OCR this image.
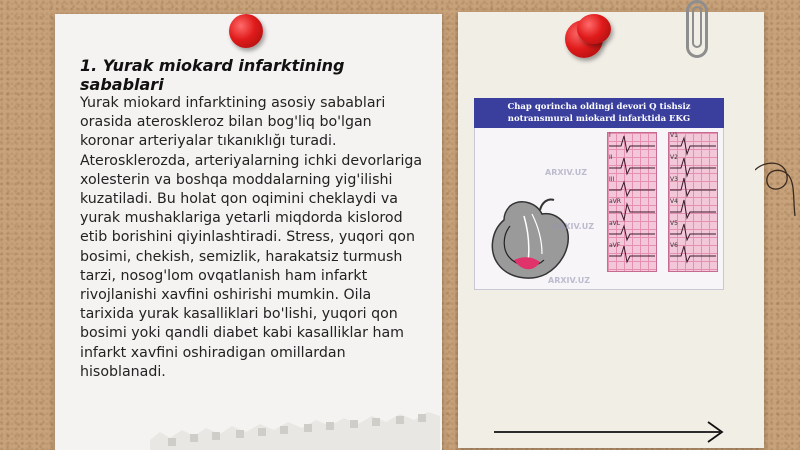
1. Yurak miokard infarktining sabablari
Yurak miokard infarktining asosiy sabablari orasida ateroskleroz bilan bog'liq bo'lgan koronar arteriyalar tıkanıklığı turadi. Aterosklerozda, arteriyalarning ichki devorlariga xolesterin va boshqa moddalarning yig'ilishi kuzatiladi. Bu holat qon oqimini cheklaydi va yurak mushaklariga yetarli miqdorda kislorod etib borishini qiyinlashtiradi. Stress, yuqori qon bosimi, chekish, semizlik, harakatsiz turmush tarzi, nosog'lom ovqatlanish ham infarkt rivojlanishi xavfini oshirishi mumkin. Oila tarixida yurak kasalliklari bo'lishi, yuqori qon bosimi yoki qandli diabet kabi kasalliklar ham infarkt xavfini oshiradigan omillardan hisoblanadi.
Chap qorincha oldingi devori Q tishsiz
notransmural miokard infarktida EKG
I
II
III
aVR
aVL
aVF
V1
V2
V3
V4
V5
V6
ARXIV.UZ
ARXIV.UZ
ARXIV.UZ
